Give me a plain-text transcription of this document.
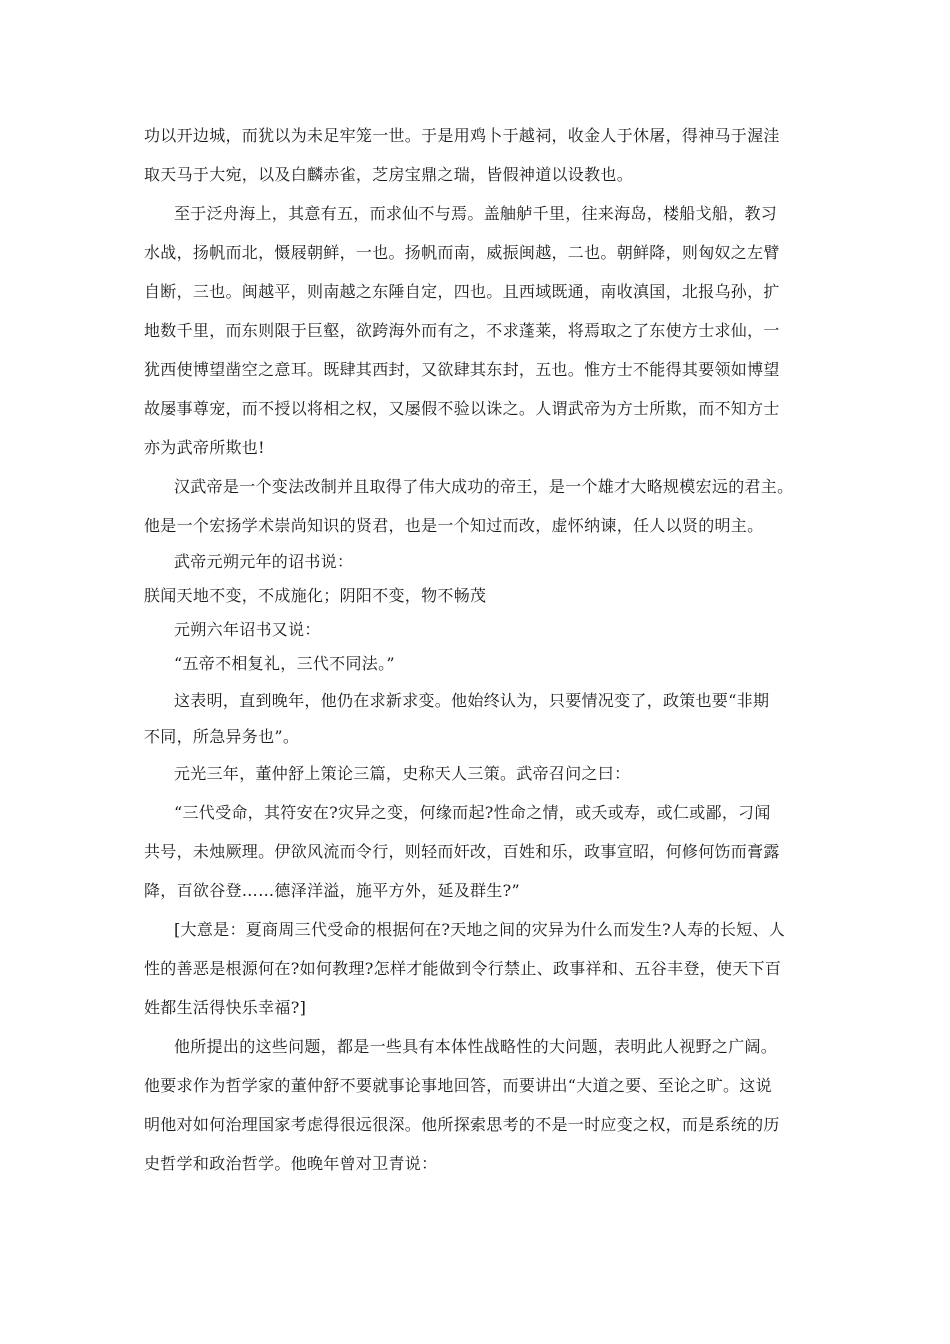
功以开边城，而犹以为未足牢笼一世。于是用鸡卜于越祠，收金人于休屠，得神马于渥洼
取天马于大宛，以及白麟赤雀，芝房宝鼎之瑞，皆假神道以设教也。
至于泛舟海上，其意有五，而求仙不与焉。盖舳舻千里，往来海岛，楼船戈船，教习
水战，扬帆而北，慑屐朝鲜，一也。扬帆而南，威振闽越，二也。朝鲜降，则匈奴之左臂
自断，三也。闽越平，则南越之东陲自定，四也。且西域既通，南收滇国，北报乌孙，扩
地数千里，而东则限于巨壑，欲跨海外而有之，不求蓬莱，将焉取之了东使方士求仙，一
犹西使博望凿空之意耳。既肆其西封，又欲肆其东封，五也。惟方士不能得其要领如博望
故屡事尊宠，而不授以将相之权，又屡假不验以诛之。人谓武帝为方士所欺，而不知方士
亦为武帝所欺也!
汉武帝是一个变法改制并且取得了伟大成功的帝王，是一个雄才大略规模宏远的君主。
他是一个宏扬学术崇尚知识的贤君，也是一个知过而改，虚怀纳谏，任人以贤的明主。
武帝元朔元年的诏书说：
朕闻天地不变，不成施化；阴阳不变，物不畅茂
元朔六年诏书又说：
“五帝不相复礼，三代不同法。”
这表明，直到晚年，他仍在求新求变。他始终认为，只要情况变了，政策也要“非期
不同，所急异务也”。
元光三年，董仲舒上策论三篇，史称天人三策。武帝召问之曰：
“三代受命，其符安在?灾异之变，何缘而起?性命之情，或夭或寿，或仁或鄙，刁闻
共号，未烛厥理。伊欲风流而令行，则轻而奸改，百姓和乐，政事宣昭，何修何饬而膏露
降，百欲谷登……德泽洋溢，施平方外，延及群生?”
[大意是：夏商周三代受命的根据何在?天地之间的灾异为什么而发生?人寿的长短、人
性的善恶是根源何在?如何教理?怎样才能做到令行禁止、政事祥和、五谷丰登，使天下百
姓都生活得快乐幸福?]
他所提出的这些问题，都是一些具有本体性战略性的大问题，表明此人视野之广阔。
他要求作为哲学家的董仲舒不要就事论事地回答，而要讲出“大道之要、至论之旷。这说
明他对如何治理国家考虑得很远很深。他所探索思考的不是一时应变之权，而是系统的历
史哲学和政治哲学。他晚年曾对卫青说：
